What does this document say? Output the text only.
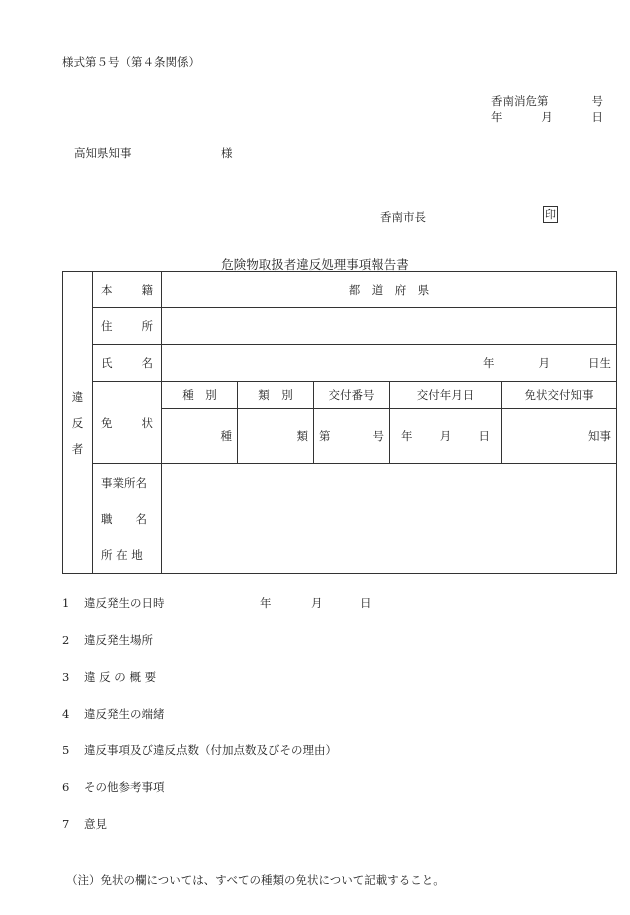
様式第５号（第４条関係）
香南消危第	号
年	月	日
高知県知事	様
香南市長	印
危険物取扱者違反処理事項報告書
違
反
者	本 籍	都　道　府　県				

	住 所					

	氏 名	年 月 日生				

	免 状	種　別	類　別	交付番号	交付年月日	免状交付知事
		種	類	第 号	年 月 日	知事

	事業所名
職　　名
所 在 地					

1 違反発生の日時	年	月	日
2 違反発生場所
3 違 反 の 概 要
4 違反発生の端緒
5 違反事項及び違反点数（付加点数及びその理由）
6 その他参考事項
7 意見
（注）免状の欄については、すべての種類の免状について記載すること。
